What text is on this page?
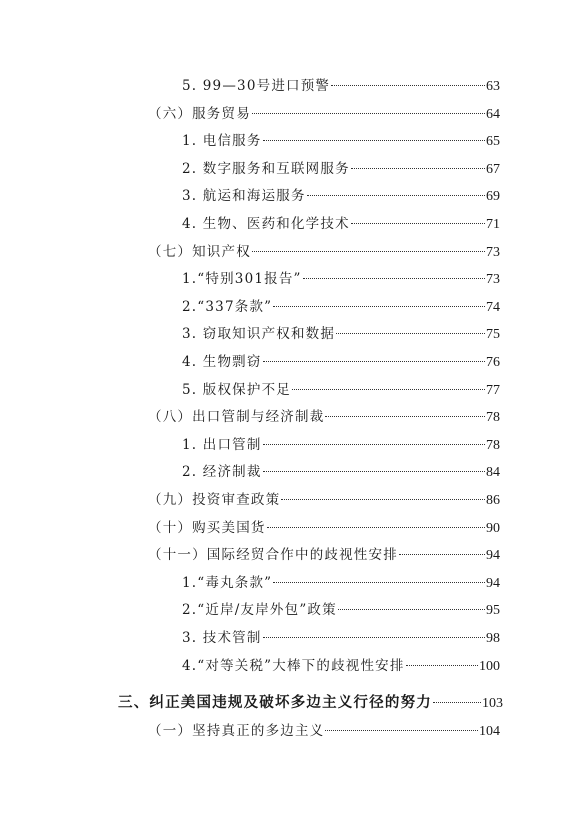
5. 99—30号进口预警	63
（六）服务贸易	64
1. 电信服务	65
2. 数字服务和互联网服务	67
3. 航运和海运服务	69
4. 生物、医药和化学技术	71
（七）知识产权	73
1.“特别301报告”	73
2.“337条款”	74
3. 窃取知识产权和数据	75
4. 生物剽窃	76
5. 版权保护不足	77
（八）出口管制与经济制裁	78
1. 出口管制	78
2. 经济制裁	84
（九）投资审查政策	86
（十）购买美国货	90
（十一）国际经贸合作中的歧视性安排	94
1.“毒丸条款”	94
2.“近岸/友岸外包”政策	95
3. 技术管制	98
4.“对等关税”大棒下的歧视性安排	100
三、纠正美国违规及破坏多边主义行径的努力	103
（一）坚持真正的多边主义	104
